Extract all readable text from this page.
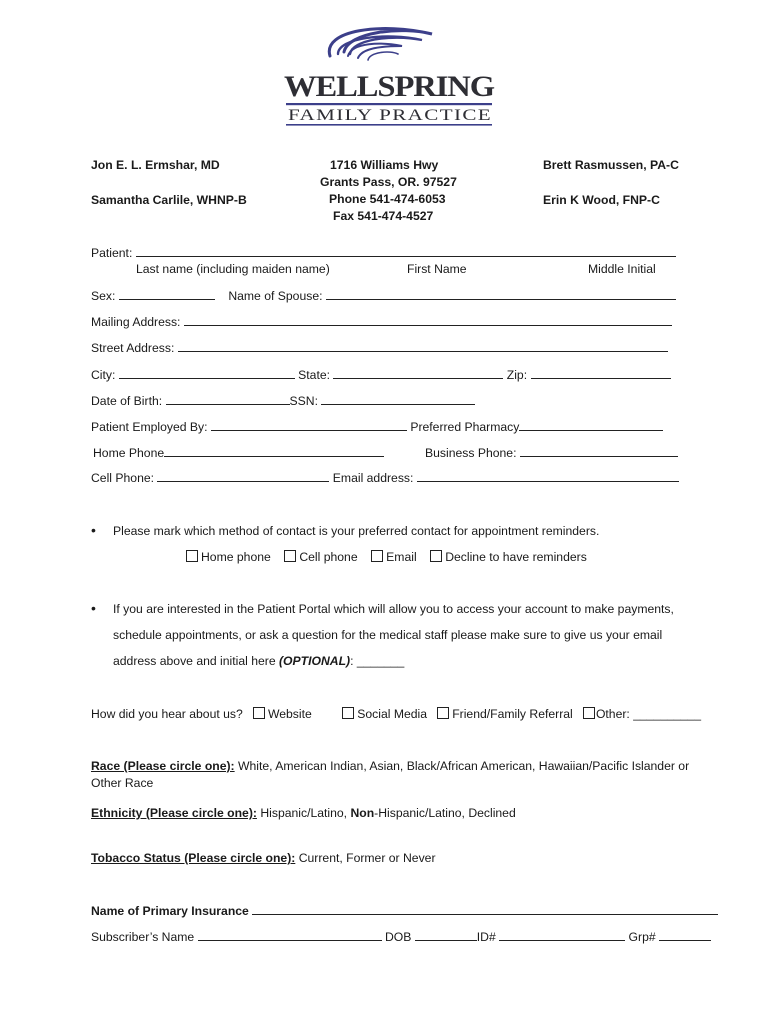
WELLSPRING
FAMILY PRACTICE
Jon E. L. Ermshar, MD
Samantha Carlile, WHNP-B
1716 Williams Hwy
Grants Pass, OR. 97527
Phone 541-474-6053
Fax 541-474-4527
Brett Rasmussen, PA-C
Erin K Wood, FNP-C
Patient:
Last name (including maiden name)	First Name	Middle Initial
Sex:	Name of Spouse:
Mailing Address:
Street Address:
City:	State:	Zip:
Date of Birth:	SSN:
Patient Employed By:	Preferred Pharmacy
Home Phone	Business Phone:
Cell Phone:	Email address:
• Please mark which method of contact is your preferred contact for appointment reminders.
Home phone Cell phone Email Decline to have reminders
• If you are interested in the Patient Portal which will allow you to access your account to make payments,
schedule appointments, or ask a question for the medical staff please make sure to give us your email
address above and initial here (OPTIONAL): _______
How did you hear about us? Website	Social Media Friend/Family Referral Other: __________
Race (Please circle one): White, American Indian, Asian, Black/African American, Hawaiian/Pacific Islander or
Other Race
Ethnicity (Please circle one): Hispanic/Latino, Non-Hispanic/Latino, Declined
Tobacco Status (Please circle one): Current, Former or Never
Name of Primary Insurance
Subscriber’s Name	DOB	ID#	Grp#
